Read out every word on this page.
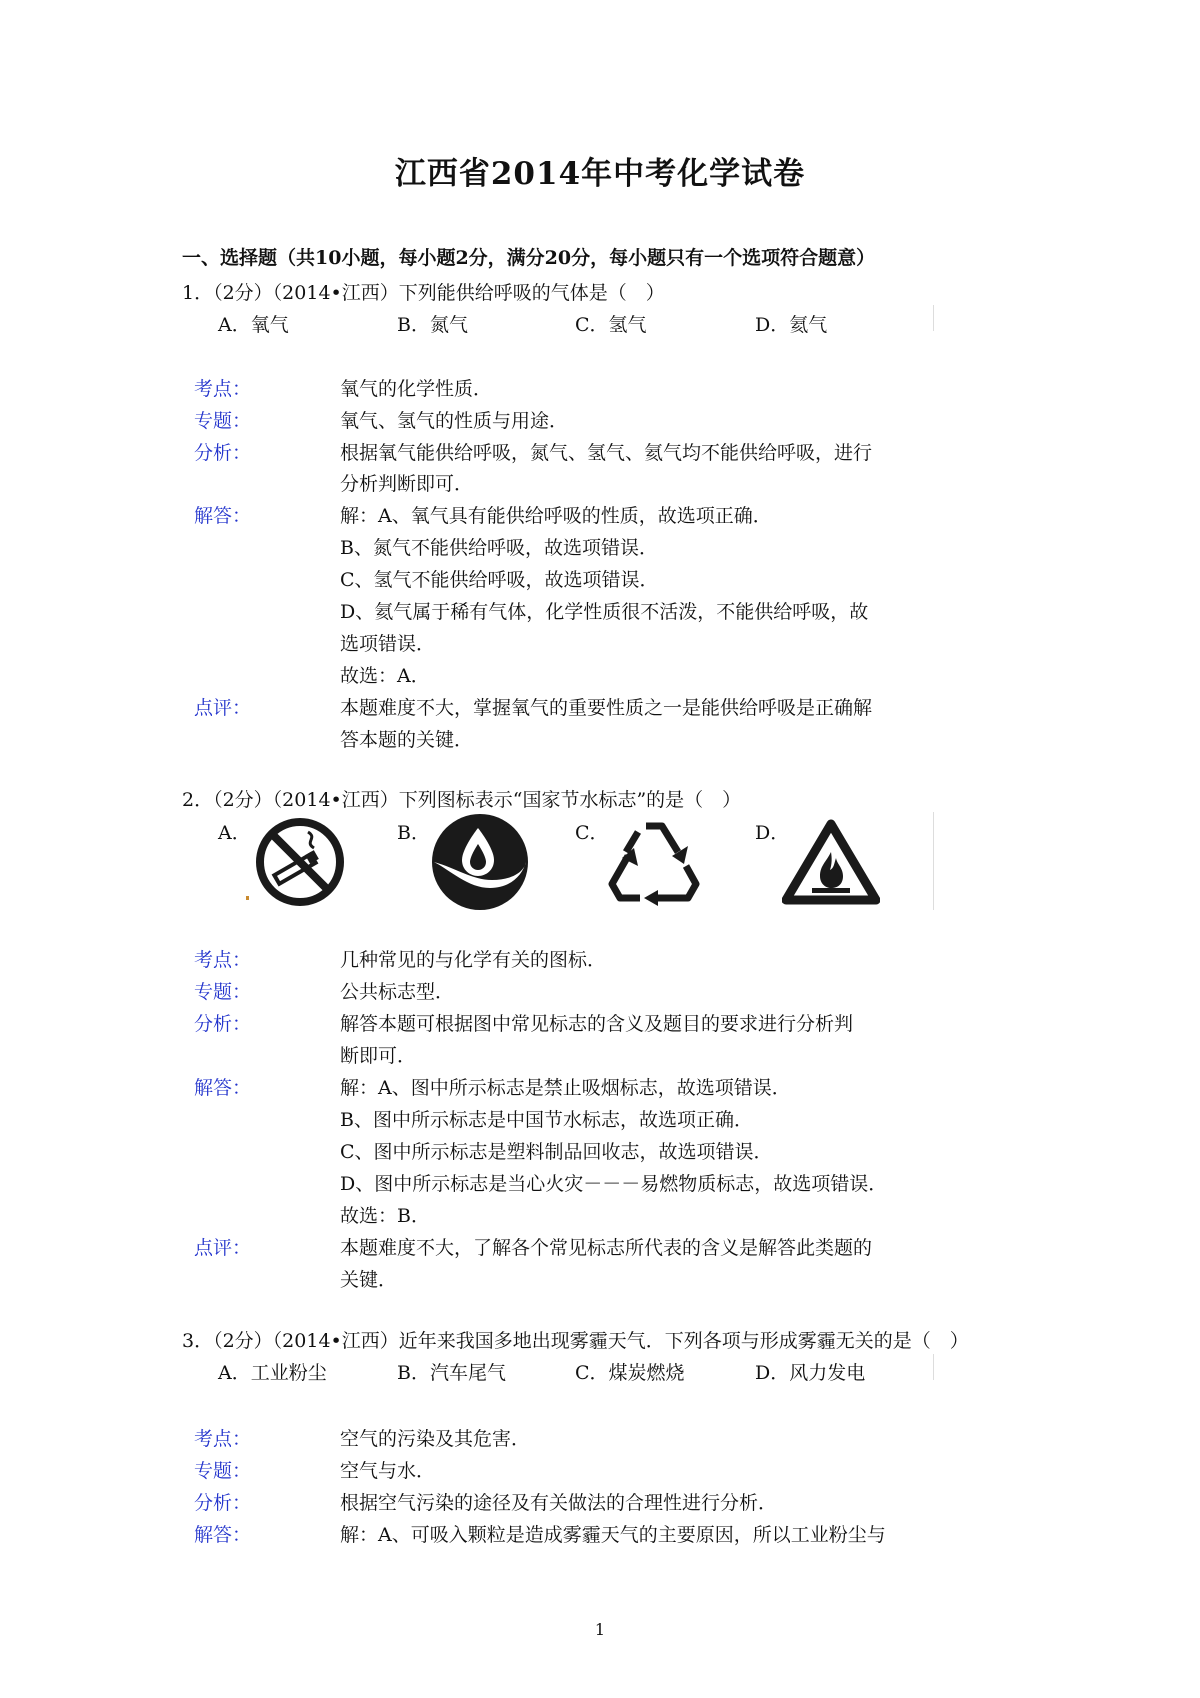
江西省2014年中考化学试卷
一、选择题（共10小题，每小题2分，满分20分，每小题只有一个选项符合题意）
1．（2分）（2014•江西）下列能供给呼吸的气体是（　）
A．氧气	B．氮气	C．氢气	D．氦气
考点：	氧气的化学性质．
专题：	氧气、氢气的性质与用途．
分析：	根据氧气能供给呼吸，氮气、氢气、氦气均不能供给呼吸，进行
分析判断即可．
解答：	解：A、氧气具有能供给呼吸的性质，故选项正确．
B、氮气不能供给呼吸，故选项错误．
C、氢气不能供给呼吸，故选项错误．
D、氦气属于稀有气体，化学性质很不活泼，不能供给呼吸，故
选项错误．
故选：A．
点评：	本题难度不大，掌握氧气的重要性质之一是能供给呼吸是正确解
答本题的关键．
2．（2分）（2014•江西）下列图标表示“国家节水标志”的是（　）
A．	B．	C．	D．
考点：	几种常见的与化学有关的图标．
专题：	公共标志型．
分析：	解答本题可根据图中常见标志的含义及题目的要求进行分析判
断即可．
解答：	解：A、图中所示标志是禁止吸烟标志，故选项错误．
B、图中所示标志是中国节水标志，故选项正确．
C、图中所示标志是塑料制品回收志，故选项错误．
D、图中所示标志是当心火灾－－－易燃物质标志，故选项错误．
故选：B．
点评：	本题难度不大，了解各个常见标志所代表的含义是解答此类题的
关键．
3．（2分）（2014•江西）近年来我国多地出现雾霾天气．下列各项与形成雾霾无关的是（　）
A．工业粉尘	B．汽车尾气	C．煤炭燃烧	D．风力发电
考点：	空气的污染及其危害．
专题：	空气与水．
分析：	根据空气污染的途径及有关做法的合理性进行分析．
解答：	解：A、可吸入颗粒是造成雾霾天气的主要原因，所以工业粉尘与
1
